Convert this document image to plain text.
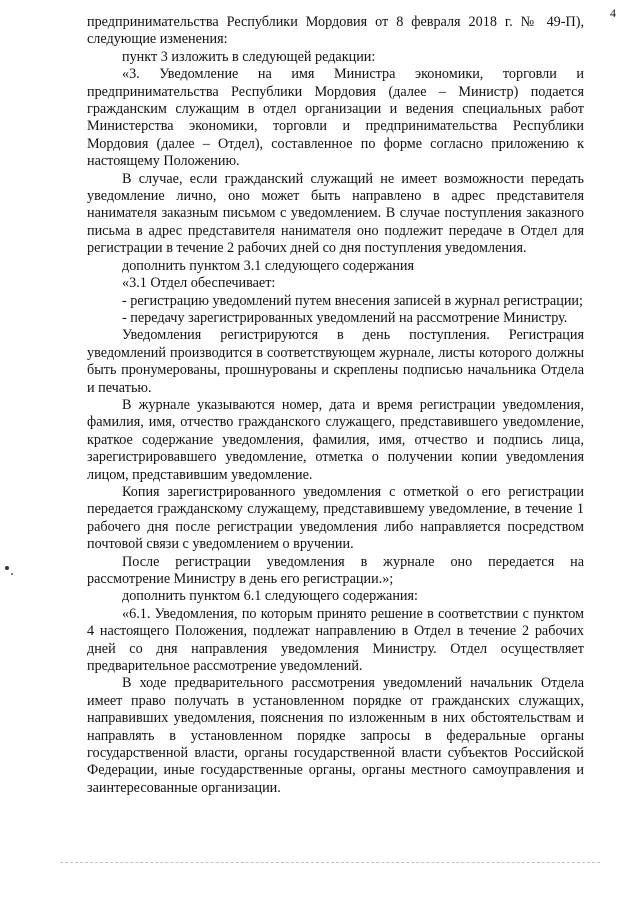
4

предпринимательства Республики Мордовия от 8 февраля 2018 г. № 49-П), следующие изменения:

пункт 3 изложить в следующей редакции:

«3. Уведомление на имя Министра экономики, торговли и предпринимательства Республики Мордовия (далее – Министр) подается гражданским служащим в отдел организации и ведения специальных работ Министерства экономики, торговли и предпринимательства Республики Мордовия (далее – Отдел), составленное по форме согласно приложению к настоящему Положению.

В случае, если гражданский служащий не имеет возможности передать уведомление лично, оно может быть направлено в адрес представителя нанимателя заказным письмом с уведомлением. В случае поступления заказного письма в адрес представителя нанимателя оно подлежит передаче в Отдел для регистрации в течение 2 рабочих дней со дня поступления уведомления.

дополнить пунктом 3.1 следующего содержания

«3.1 Отдел обеспечивает:

- регистрацию уведомлений путем внесения записей в журнал регистрации;

- передачу зарегистрированных уведомлений на рассмотрение Министру.

Уведомления регистрируются в день поступления. Регистрация уведомлений производится в соответствующем журнале, листы которого должны быть пронумерованы, прошнурованы и скреплены подписью начальника Отдела и печатью.

В журнале указываются номер, дата и время регистрации уведомления, фамилия, имя, отчество гражданского служащего, представившего уведомление, краткое содержание уведомления, фамилия, имя, отчество и подпись лица, зарегистрировавшего уведомление, отметка о получении копии уведомления лицом, представившим уведомление.

Копия зарегистрированного уведомления с отметкой о его регистрации передается гражданскому служащему, представившему уведомление, в течение 1 рабочего дня после регистрации уведомления либо направляется посредством почтовой связи с уведомлением о вручении.

После регистрации уведомления в журнале оно передается на рассмотрение Министру в день его регистрации.»;

дополнить пунктом 6.1 следующего содержания:

«6.1. Уведомления, по которым принято решение в соответствии с пунктом 4 настоящего Положения, подлежат направлению в Отдел в течение 2 рабочих дней со дня направления уведомления Министру. Отдел осуществляет предварительное рассмотрение уведомлений.

В ходе предварительного рассмотрения уведомлений начальник Отдела имеет право получать в установленном порядке от гражданских служащих, направивших уведомления, пояснения по изложенным в них обстоятельствам и направлять в установленном порядке запросы в федеральные органы государственной власти, органы государственной власти субъектов Российской Федерации, иные государственные органы, органы местного самоуправления и заинтересованные организации.
